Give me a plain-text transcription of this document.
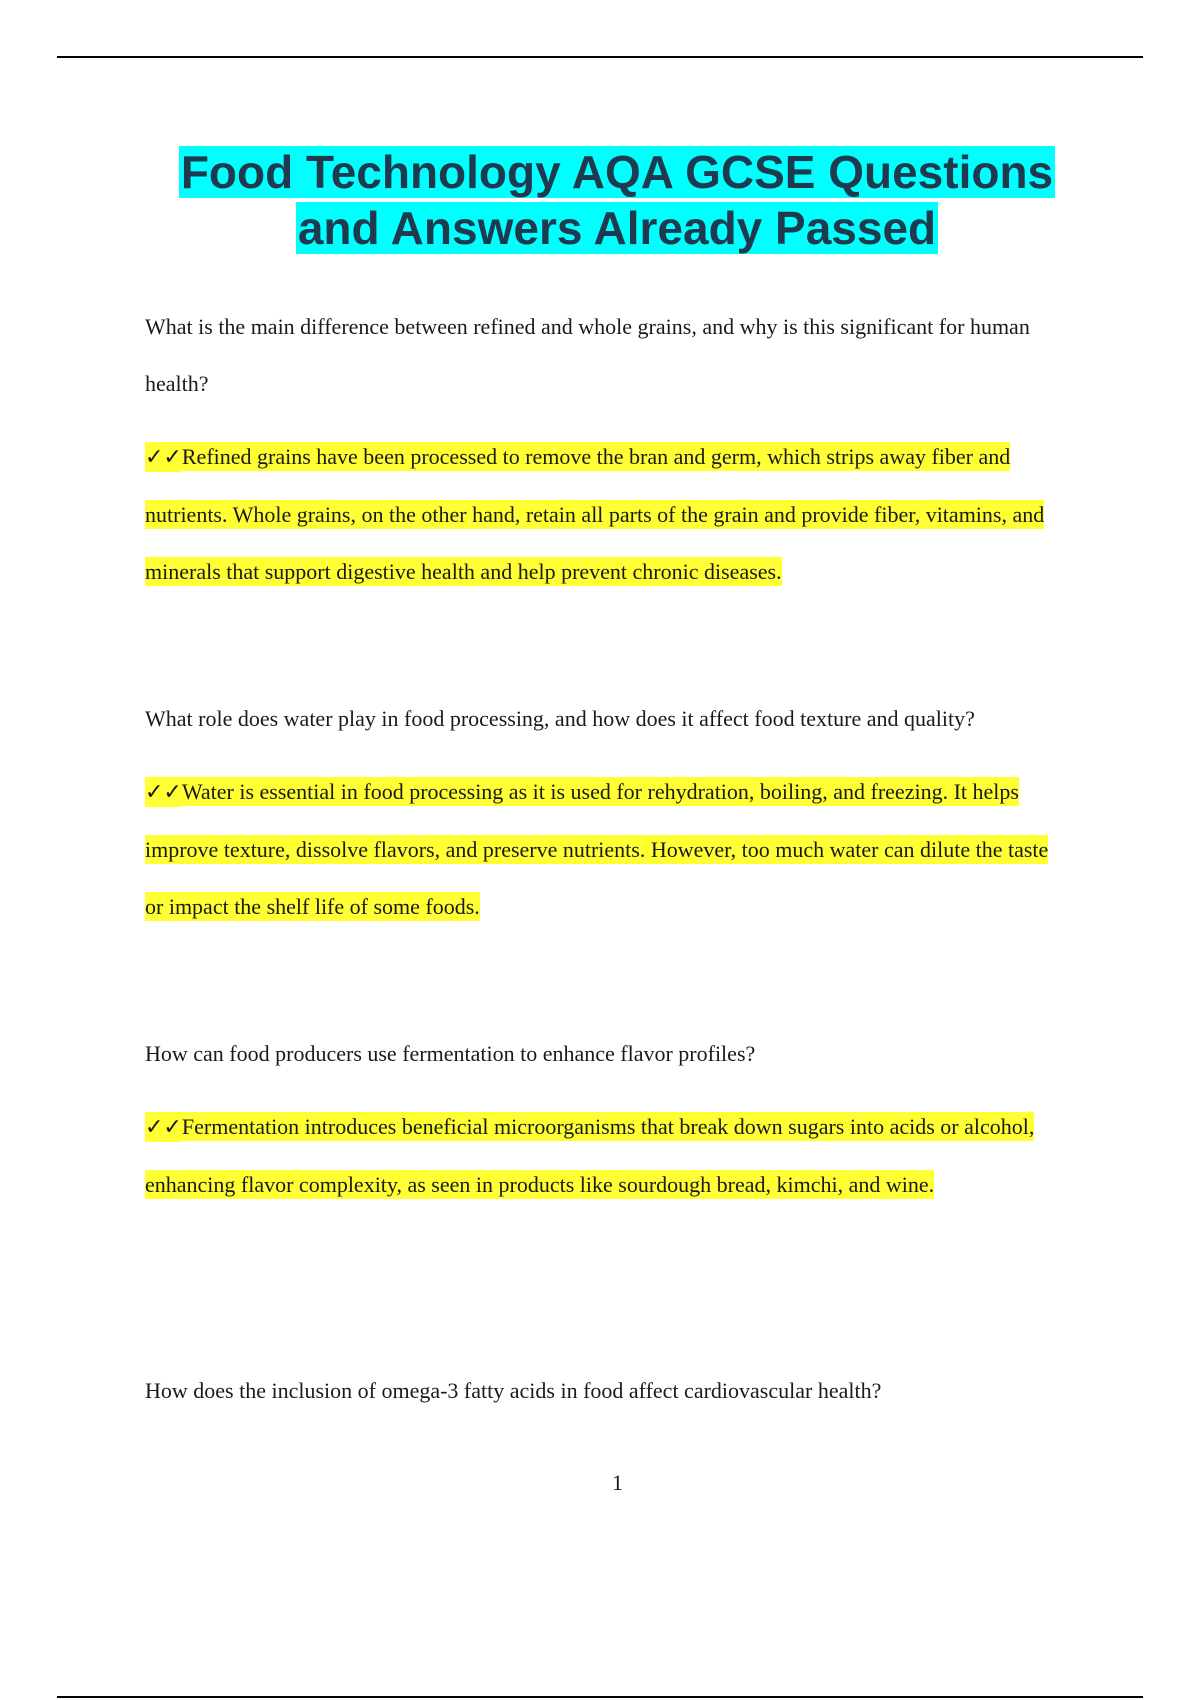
Food Technology AQA GCSE Questions
and Answers Already Passed

What is the main difference between refined and whole grains, and why is this significant for human health?

✓✓Refined grains have been processed to remove the bran and germ, which strips away fiber and nutrients. Whole grains, on the other hand, retain all parts of the grain and provide fiber, vitamins, and minerals that support digestive health and help prevent chronic diseases.

What role does water play in food processing, and how does it affect food texture and quality?

✓✓Water is essential in food processing as it is used for rehydration, boiling, and freezing. It helps improve texture, dissolve flavors, and preserve nutrients. However, too much water can dilute the taste or impact the shelf life of some foods.

How can food producers use fermentation to enhance flavor profiles?

✓✓Fermentation introduces beneficial microorganisms that break down sugars into acids or alcohol, enhancing flavor complexity, as seen in products like sourdough bread, kimchi, and wine.

How does the inclusion of omega-3 fatty acids in food affect cardiovascular health?

1
